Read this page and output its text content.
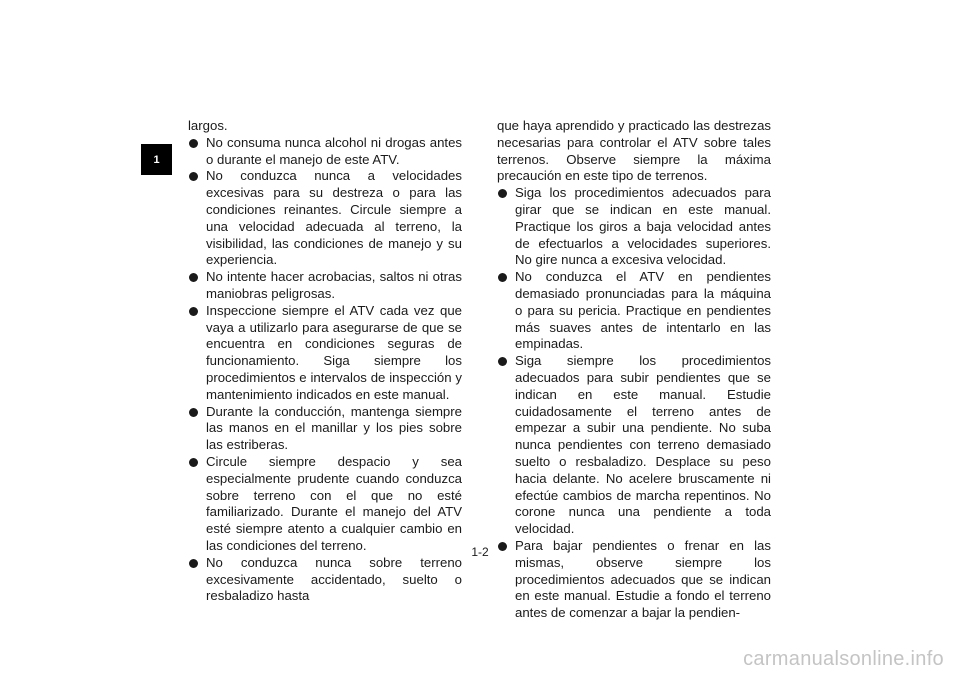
1

largos.

No consuma nunca alcohol ni drogas antes o durante el manejo de este ATV.
No conduzca nunca a velocidades excesivas para su destreza o para las condiciones reinantes. Circule siempre a una velocidad adecuada al terreno, la visibilidad, las condiciones de manejo y su experiencia.
No intente hacer acrobacias, saltos ni otras maniobras peligrosas.
Inspeccione siempre el ATV cada vez que vaya a utilizarlo para asegurarse de que se encuentra en condiciones seguras de funcionamiento. Siga siempre los procedimientos e intervalos de inspección y mantenimiento indicados en este manual.
Durante la conducción, mantenga siempre las manos en el manillar y los pies sobre las estriberas.
Circule siempre despacio y sea especialmente prudente cuando conduzca sobre terreno con el que no esté familiarizado. Durante el manejo del ATV esté siempre atento a cualquier cambio en las condiciones del terreno.
No conduzca nunca sobre terreno excesivamente accidentado, suelto o resbaladizo hasta

que haya aprendido y practicado las destrezas necesarias para controlar el ATV sobre tales terrenos. Observe siempre la máxima precaución en este tipo de terrenos.

Siga los procedimientos adecuados para girar que se indican en este manual. Practique los giros a baja velocidad antes de efectuarlos a velocidades superiores. No gire nunca a excesiva velocidad.
No conduzca el ATV en pendientes demasiado pronunciadas para la máquina o para su pericia. Practique en pendientes más suaves antes de intentarlo en las empinadas.
Siga siempre los procedimientos adecuados para subir pendientes que se indican en este manual. Estudie cuidadosamente el terreno antes de empezar a subir una pendiente. No suba nunca pendientes con terreno demasiado suelto o resbaladizo. Desplace su peso hacia delante. No acelere bruscamente ni efectúe cambios de marcha repentinos. No corone nunca una pendiente a toda velocidad.
Para bajar pendientes o frenar en las mismas, observe siempre los procedimientos adecuados que se indican en este manual. Estudie a fondo el terreno antes de comenzar a bajar la pendien-
1-2
carmanualsonline.info
